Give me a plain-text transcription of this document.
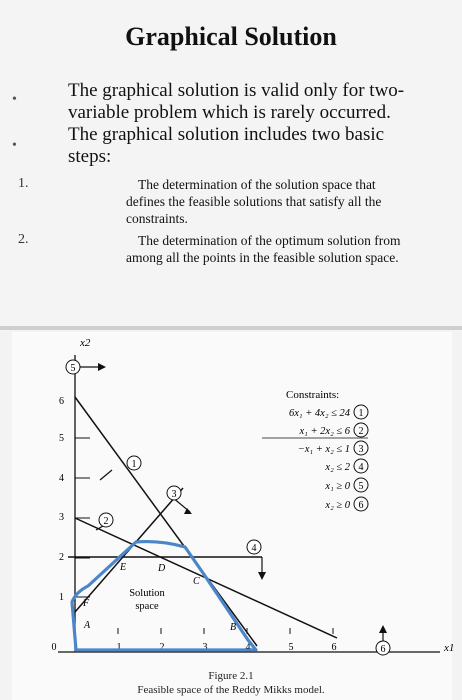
Graphical Solution
•
•
The graphical solution is valid only for two-
variable problem which is rarely occurred.
The graphical solution includes two basic
steps:
1.	The determination of the solution space that
defines the feasible solutions that satisfy all the
constraints.
2.	The determination of the optimum solution from
among all the points in the feasible solution space.
x2
x1
0	1	2	3	4	5	6
1
2
3
4
5
6
1
2
3
4
5
6
A	B
C
D
E
F
Solution
space
Constraints:
6x₁ + 4x₂ ≤ 24
x₁ + 2x₂ ≤ 6
−x₁ + x₂ ≤ 1
x₂ ≤ 2
x₁ ≥ 0
x₂ ≥ 0
1
2
3
4
5
6
Figure 2.1
Feasible space of the Reddy Mikks model.
